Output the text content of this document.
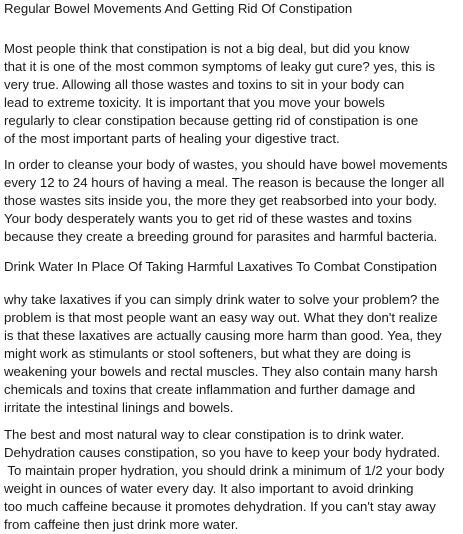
Regular Bowel Movements And Getting Rid Of Constipation
Most people think that constipation is not a big deal, but did you know
that it is one of the most common symptoms of leaky gut cure? yes, this is
very true. Allowing all those wastes and toxins to sit in your body can
lead to extreme toxicity. It is important that you move your bowels
regularly to clear constipation because getting rid of constipation is one
of the most important parts of healing your digestive tract.
In order to cleanse your body of wastes, you should have bowel movements
every 12 to 24 hours of having a meal. The reason is because the longer all
those wastes sits inside you, the more they get reabsorbed into your body.
Your body desperately wants you to get rid of these wastes and toxins
because they create a breeding ground for parasites and harmful bacteria.
Drink Water In Place Of Taking Harmful Laxatives To Combat Constipation
why take laxatives if you can simply drink water to solve your problem? the
problem is that most people want an easy way out. What they don't realize
is that these laxatives are actually causing more harm than good. Yea, they
might work as stimulants or stool softeners, but what they are doing is
weakening your bowels and rectal muscles. They also contain many harsh
chemicals and toxins that create inflammation and further damage and
irritate the intestinal linings and bowels.
The best and most natural way to clear constipation is to drink water.
Dehydration causes constipation, so you have to keep your body hydrated.
To maintain proper hydration, you should drink a minimum of 1/2 your body
weight in ounces of water every day. It also important to avoid drinking
too much caffeine because it promotes dehydration. If you can't stay away
from caffeine then just drink more water.
